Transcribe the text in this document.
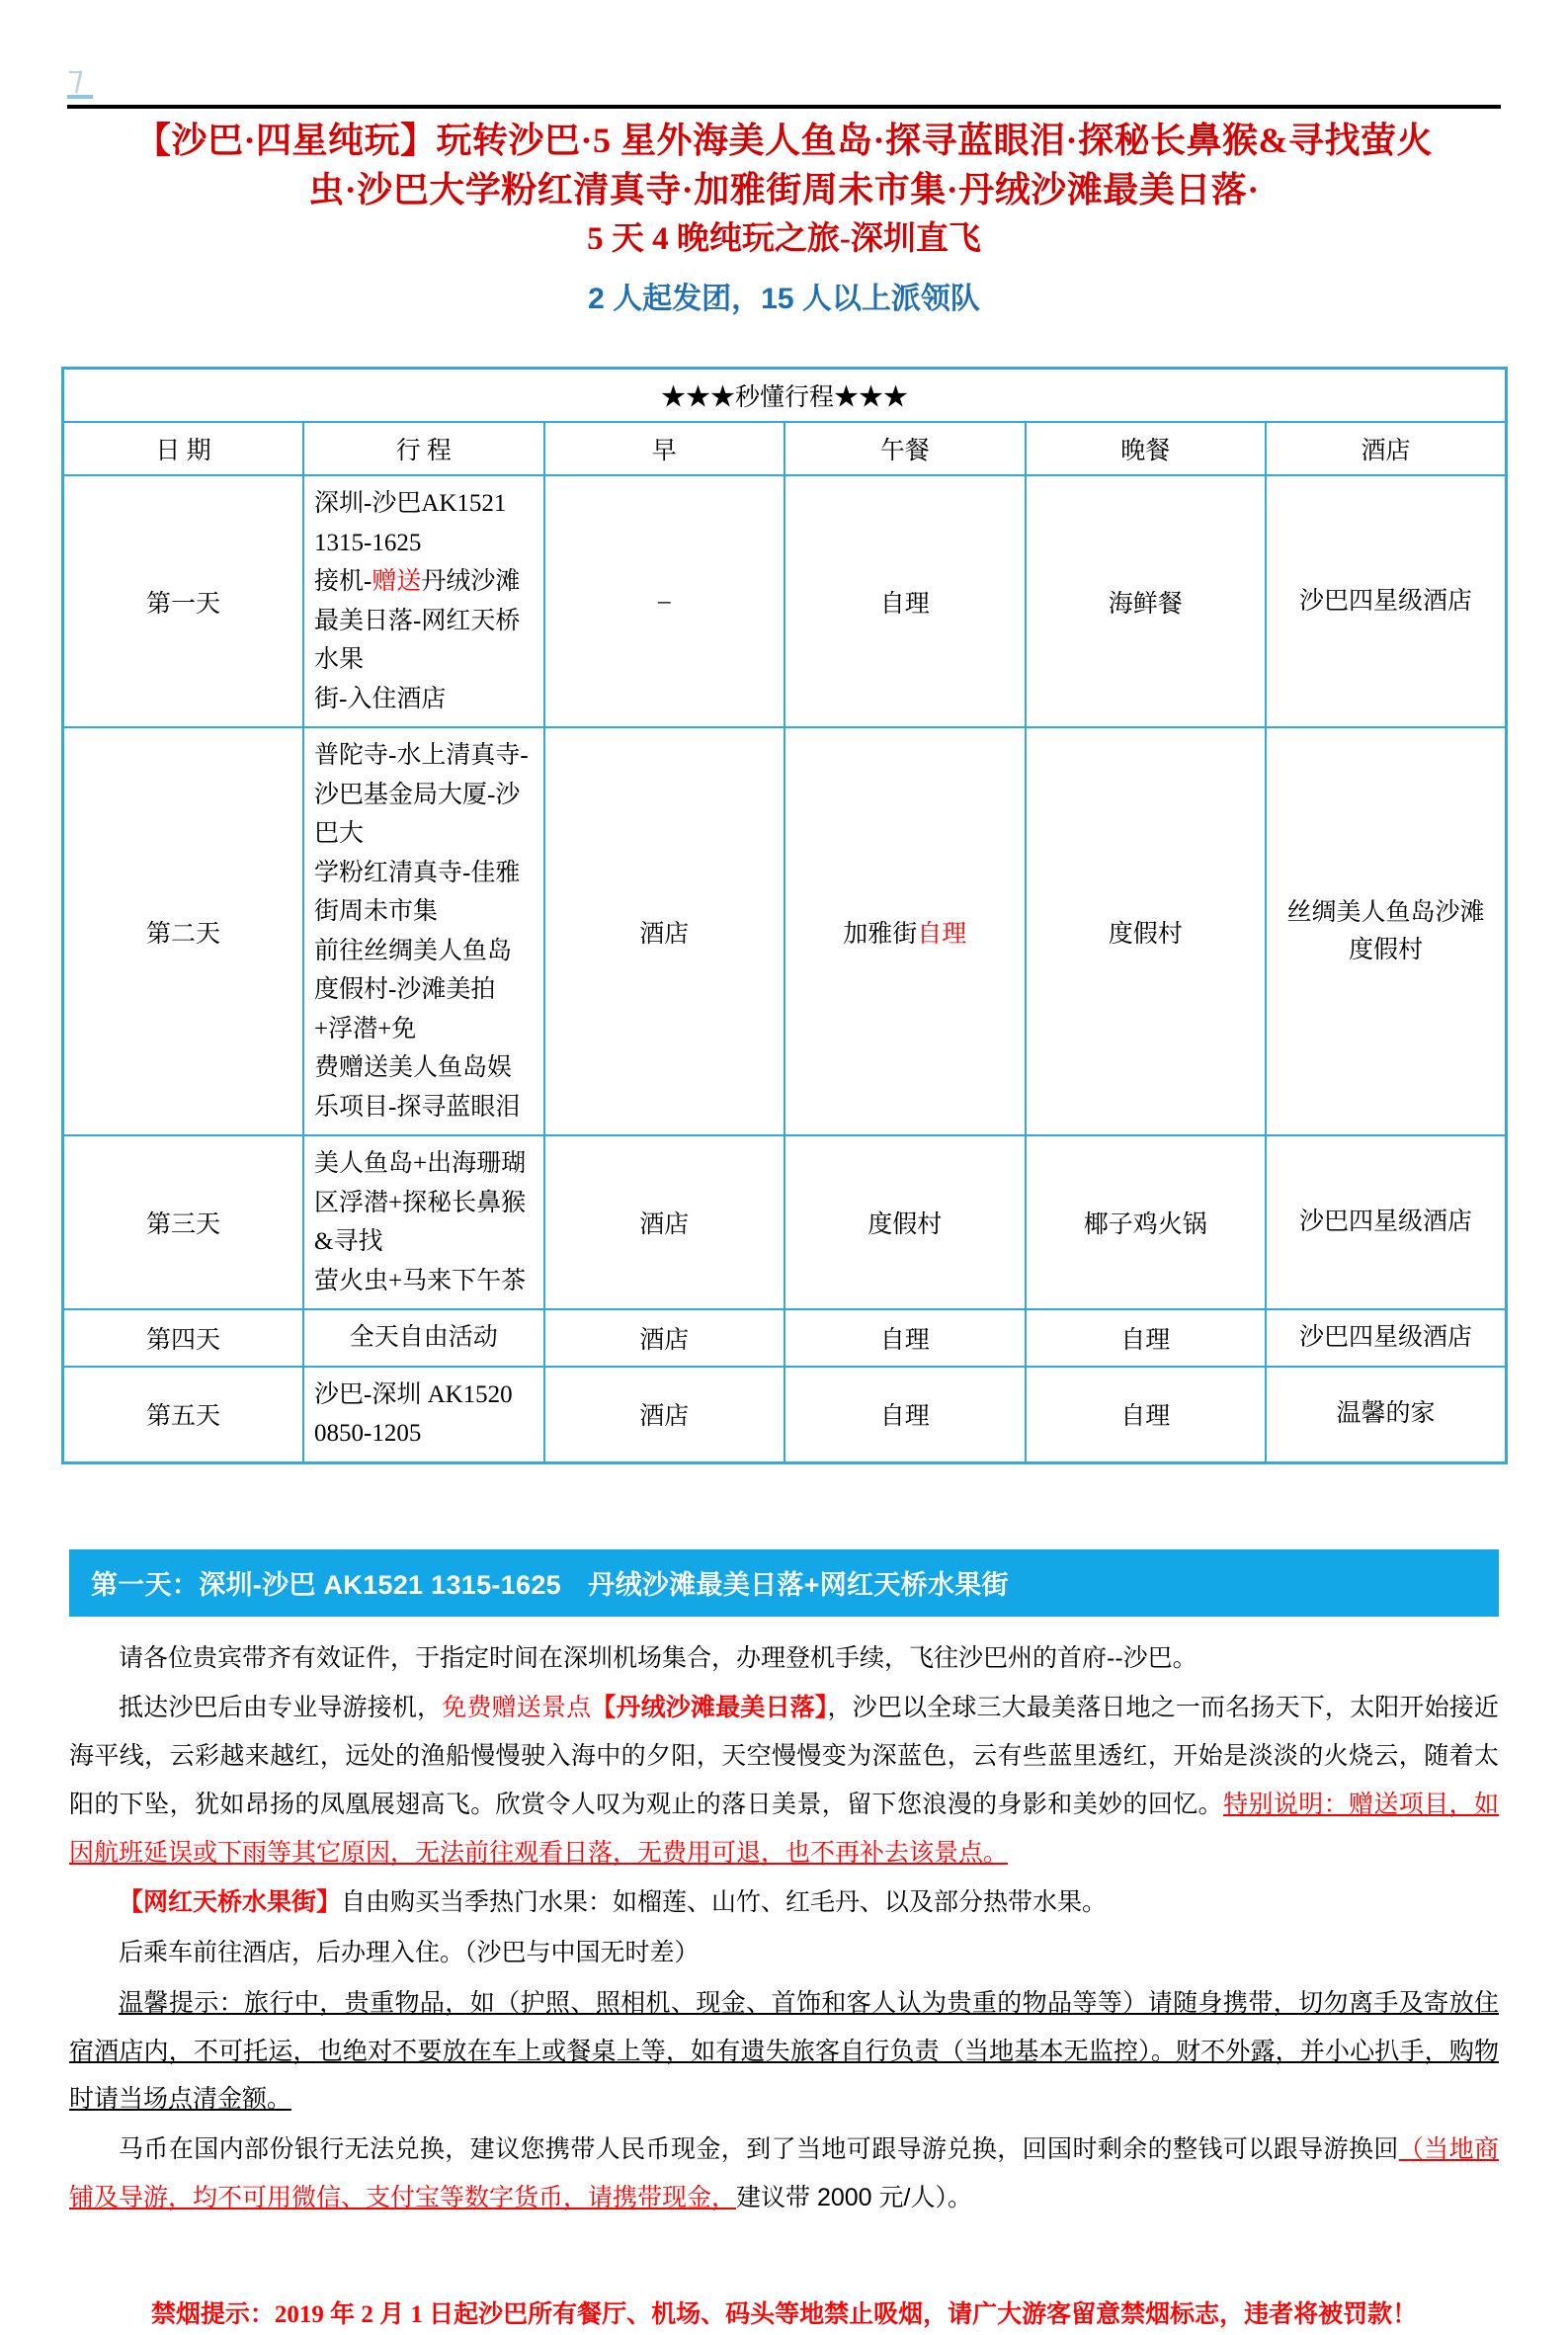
⁊
【沙巴·四星纯玩】玩转沙巴·5 星外海美人鱼岛·探寻蓝眼泪·探秘长鼻猴&寻找萤火
虫·沙巴大学粉红清真寺·加雅街周未市集·丹绒沙滩最美日落·
5 天 4 晚纯玩之旅-深圳直飞
2 人起发团，15 人以上派领队
★★★秒懂行程★★★					
日 期	行 程	早	午餐	晚餐	酒店
第一天	深圳-沙巴AK1521　1315-1625
接机-赠送丹绒沙滩最美日落-网红天桥水果
街-入住酒店	–	自理	海鲜餐	沙巴四星级酒店
第二天	普陀寺-水上清真寺-沙巴基金局大厦-沙巴大
学粉红清真寺-佳雅街周未市集
前往丝绸美人鱼岛度假村-沙滩美拍+浮潜+免
费赠送美人鱼岛娱乐项目-探寻蓝眼泪	酒店	加雅街自理	度假村	丝绸美人鱼岛沙滩度假村
第三天	美人鱼岛+出海珊瑚区浮潜+探秘长鼻猴&寻找
萤火虫+马来下午茶	酒店	度假村	椰子鸡火锅	沙巴四星级酒店
第四天	全天自由活动	酒店	自理	自理	沙巴四星级酒店
第五天	沙巴-深圳 AK1520 0850-1205	酒店	自理	自理	温馨的家
第一天：深圳-沙巴 AK1521 1315-1625　丹绒沙滩最美日落+网红天桥水果街

请各位贵宾带齐有效证件，于指定时间在深圳机场集合，办理登机手续，飞往沙巴州的首府--沙巴。

抵达沙巴后由专业导游接机，免费赠送景点【丹绒沙滩最美日落】，沙巴以全球三大最美落日地之一而名扬天下，太阳开始接近海平线，云彩越来越红，远处的渔船慢慢驶入海中的夕阳，天空慢慢变为深蓝色，云有些蓝里透红，开始是淡淡的火烧云，随着太阳的下坠，犹如昂扬的凤凰展翅高飞。欣赏令人叹为观止的落日美景，留下您浪漫的身影和美妙的回忆。特别说明：赠送项目，如因航班延误或下雨等其它原因，无法前往观看日落，无费用可退，也不再补去该景点。

【网红天桥水果街】自由购买当季热门水果：如榴莲、山竹、红毛丹、以及部分热带水果。

后乘车前往酒店，后办理入住。（沙巴与中国无时差）

温馨提示：旅行中，贵重物品，如（护照、照相机、现金、首饰和客人认为贵重的物品等等）请随身携带，切勿离手及寄放住宿酒店内，不可托运，也绝对不要放在车上或餐桌上等，如有遗失旅客自行负责（当地基本无监控）。财不外露，并小心扒手，购物时请当场点清金额。

马币在国内部份银行无法兑换，建议您携带人民币现金，到了当地可跟导游兑换，回国时剩余的整钱可以跟导游换回（当地商铺及导游，均不可用微信、支付宝等数字货币，请携带现金，建议带 2000 元/人）。

禁烟提示：2019 年 2 月 1 日起沙巴所有餐厅、机场、码头等地禁止吸烟，请广大游客留意禁烟标志，违者将被罚款！
